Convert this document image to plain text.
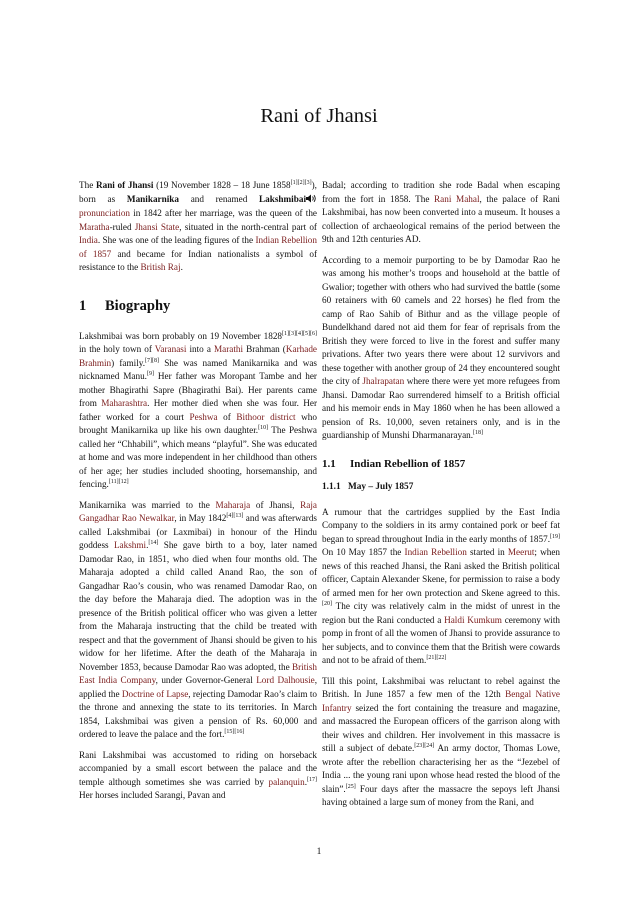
Rani of Jhansi

The Rani of Jhansi (19 November 1828 – 18 June 1858[1][2][3]), born as Manikarnika and renamed Lakshmibaipronunciation in 1842 after her marriage, was the queen of the Maratha-ruled Jhansi State, situated in the north-central part of India. She was one of the leading figures of the Indian Rebellion of 1857 and became for Indian nationalists a symbol of resistance to the British Raj.

1 Biography

Lakshmibai was born probably on 19 November 1828[1][3][4][5][6] in the holy town of Varanasi into a Marathi Brahman (Karhade Brahmin) family.[7][8] She was named Manikarnika and was nicknamed Manu.[9] Her father was Moropant Tambe and her mother Bhagirathi Sapre (Bhagirathi Bai). Her parents came from Maharashtra. Her mother died when she was four. Her father worked for a court Peshwa of Bithoor district who brought Manikarnika up like his own daughter.[10] The Peshwa called her “Chhabili”, which means “playful”. She was educated at home and was more independent in her childhood than others of her age; her studies included shooting, horsemanship, and fencing.[11][12]

Manikarnika was married to the Maharaja of Jhansi, Raja Gangadhar Rao Newalkar, in May 1842[4][13] and was afterwards called Lakshmibai (or Laxmibai) in honour of the Hindu goddess Lakshmi.[14] She gave birth to a boy, later named Damodar Rao, in 1851, who died when four months old. The Maharaja adopted a child called Anand Rao, the son of Gangadhar Rao’s cousin, who was renamed Damodar Rao, on the day before the Maharaja died. The adoption was in the presence of the British political officer who was given a letter from the Maharaja instructing that the child be treated with respect and that the government of Jhansi should be given to his widow for her lifetime. After the death of the Maharaja in November 1853, because Damodar Rao was adopted, the British East India Company, under Governor-General Lord Dalhousie, applied the Doctrine of Lapse, rejecting Damodar Rao’s claim to the throne and annexing the state to its territories. In March 1854, Lakshmibai was given a pension of Rs. 60,000 and ordered to leave the palace and the fort.[15][16]

Rani Lakshmibai was accustomed to riding on horseback accompanied by a small escort between the palace and the temple although sometimes she was carried by palanquin.[17] Her horses included Sarangi, Pavan and

Badal; according to tradition she rode Badal when escaping from the fort in 1858. The Rani Mahal, the palace of Rani Lakshmibai, has now been converted into a museum. It houses a collection of archaeological remains of the period between the 9th and 12th centuries AD.

According to a memoir purporting to be by Damodar Rao he was among his mother’s troops and household at the battle of Gwalior; together with others who had survived the battle (some 60 retainers with 60 camels and 22 horses) he fled from the camp of Rao Sahib of Bithur and as the village people of Bundelkhand dared not aid them for fear of reprisals from the British they were forced to live in the forest and suffer many privations. After two years there were about 12 survivors and these together with another group of 24 they encountered sought the city of Jhalrapatan where there were yet more refugees from Jhansi. Damodar Rao surrendered himself to a British official and his memoir ends in May 1860 when he has been allowed a pension of Rs. 10,000, seven retainers only, and is in the guardianship of Munshi Dharmanarayan.[18]

1.1 Indian Rebellion of 1857
1.1.1 May – July 1857

A rumour that the cartridges supplied by the East India Company to the soldiers in its army contained pork or beef fat began to spread throughout India in the early months of 1857.[19] On 10 May 1857 the Indian Rebellion started in Meerut; when news of this reached Jhansi, the Rani asked the British political officer, Captain Alexander Skene, for permission to raise a body of armed men for her own protection and Skene agreed to this.[20] The city was relatively calm in the midst of unrest in the region but the Rani conducted a Haldi Kumkum ceremony with pomp in front of all the women of Jhansi to provide assurance to her subjects, and to convince them that the British were cowards and not to be afraid of them.[21][22]

Till this point, Lakshmibai was reluctant to rebel against the British. In June 1857 a few men of the 12th Bengal Native Infantry seized the fort containing the treasure and magazine, and massacred the European officers of the garrison along with their wives and children. Her involvement in this massacre is still a subject of debate.[23][24] An army doctor, Thomas Lowe, wrote after the rebellion characterising her as the “Jezebel of India ... the young rani upon whose head rested the blood of the slain”.[25] Four days after the massacre the sepoys left Jhansi having obtained a large sum of money from the Rani, and

1
